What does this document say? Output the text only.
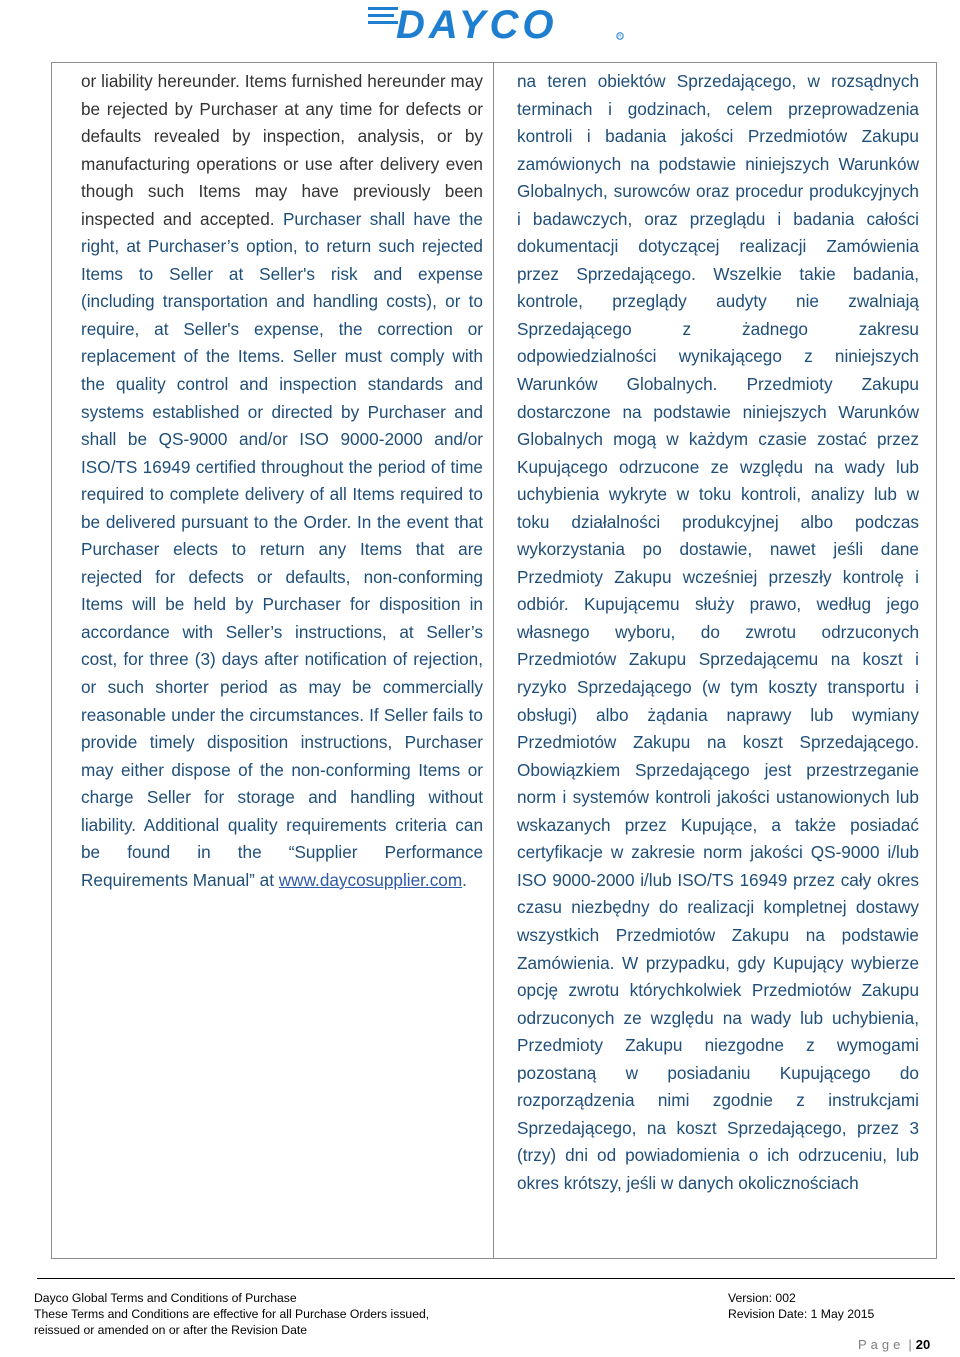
DAYCO	R

or liability hereunder. Items furnished hereunder may be rejected by Purchaser at any time for defects or defaults revealed by inspection, analysis, or by manufacturing operations or use after delivery even though such Items may have previously been inspected and accepted.

Purchaser shall have the right, at Purchaser’s option, to return such rejected Items to Seller at Seller's risk and expense (including transportation and handling costs), or to require, at Seller's expense, the correction or replacement of the Items. Seller must comply with the quality control and inspection standards and systems established or directed by Purchaser and shall be QS-9000 and/or ISO 9000-2000 and/or ISO/TS 16949 certified throughout the period of time required to complete delivery of all Items required to be delivered pursuant to the Order. In the event that Purchaser elects to return any Items that are rejected for defects or defaults, non-conforming Items will be held by Purchaser for disposition in accordance with Seller’s instructions, at Seller’s cost, for three (3) days after notification of rejection, or such shorter period as may be commercially reasonable under the circumstances. If Seller fails to provide timely disposition instructions, Purchaser may either dispose of the non-conforming Items or charge Seller for storage and handling without liability. Additional quality requirements criteria can be found in the “Supplier Performance Requirements Manual” at www.daycosupplier.com.

na teren obiektów Sprzedającego, w rozsądnych terminach i godzinach, celem przeprowadzenia kontroli i badania jakości Przedmiotów Zakupu zamówionych na podstawie niniejszych Warunków Globalnych, surowców oraz procedur produkcyjnych i badawczych, oraz przeglądu i badania całości dokumentacji dotyczącej realizacji Zamówienia przez Sprzedającego. Wszelkie takie badania, kontrole, przeglądy audyty nie zwalniają Sprzedającego z żadnego zakresu odpowiedzialności wynikającego z niniejszych Warunków Globalnych. Przedmioty Zakupu dostarczone na podstawie niniejszych Warunków Globalnych mogą w każdym czasie zostać przez Kupującego odrzucone ze względu na wady lub uchybienia wykryte w toku kontroli, analizy lub w toku działalności produkcyjnej albo podczas wykorzystania po dostawie, nawet jeśli dane Przedmioty Zakupu wcześniej przeszły kontrolę i odbiór. Kupującemu służy prawo, według jego własnego wyboru, do zwrotu odrzuconych Przedmiotów Zakupu Sprzedającemu na koszt i ryzyko Sprzedającego (w tym koszty transportu i obsługi) albo żądania naprawy lub wymiany Przedmiotów Zakupu na koszt Sprzedającego. Obowiązkiem Sprzedającego jest przestrzeganie norm i systemów kontroli jakości ustanowionych lub wskazanych przez Kupujące, a także posiadać certyfikacje w zakresie norm jakości QS-9000 i/lub ISO 9000-2000 i/lub ISO/TS 16949 przez cały okres czasu niezbędny do realizacji kompletnej dostawy wszystkich Przedmiotów Zakupu na podstawie Zamówienia. W przypadku, gdy Kupujący wybierze opcję zwrotu którychkolwiek Przedmiotów Zakupu odrzuconych ze względu na wady lub uchybienia, Przedmioty Zakupu niezgodne z wymogami pozostaną w posiadaniu Kupującego do rozporządzenia nimi zgodnie z instrukcjami Sprzedającego, na koszt Sprzedającego, przez 3 (trzy) dni od powiadomienia o ich odrzuceniu, lub okres krótszy, jeśli w danych okolicznościach

Dayco Global Terms and Conditions of Purchase
These Terms and Conditions are effective for all Purchase Orders issued,
reissued or amended on or after the Revision Date
Version: 002
Revision Date: 1 May 2015
Page | 20
